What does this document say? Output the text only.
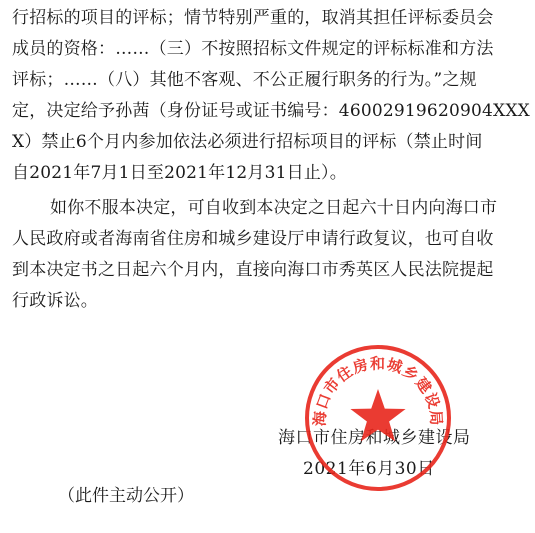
行招标的项目的评标；情节特别严重的，取消其担任评标委员会
成员的资格：……（三）不按照招标文件规定的评标标准和方法
评标；……（八）其他不客观、不公正履行职务的行为。”之规
定，决定给予孙茜（身份证号或证书编号：46002919620904XXX
X）禁止6个月内参加依法必须进行招标项目的评标（禁止时间
自2021年7月1日至2021年12月31日止）。
如你不服本决定，可自收到本决定之日起六十日内向海口市
人民政府或者海南省住房和城乡建设厅申请行政复议，也可自收
到本决定书之日起六个月内，直接向海口市秀英区人民法院提起
行政诉讼。
海口市住房和城乡建设局
2021年6月30日
海口市住房和城乡建设局
（此件主动公开）
